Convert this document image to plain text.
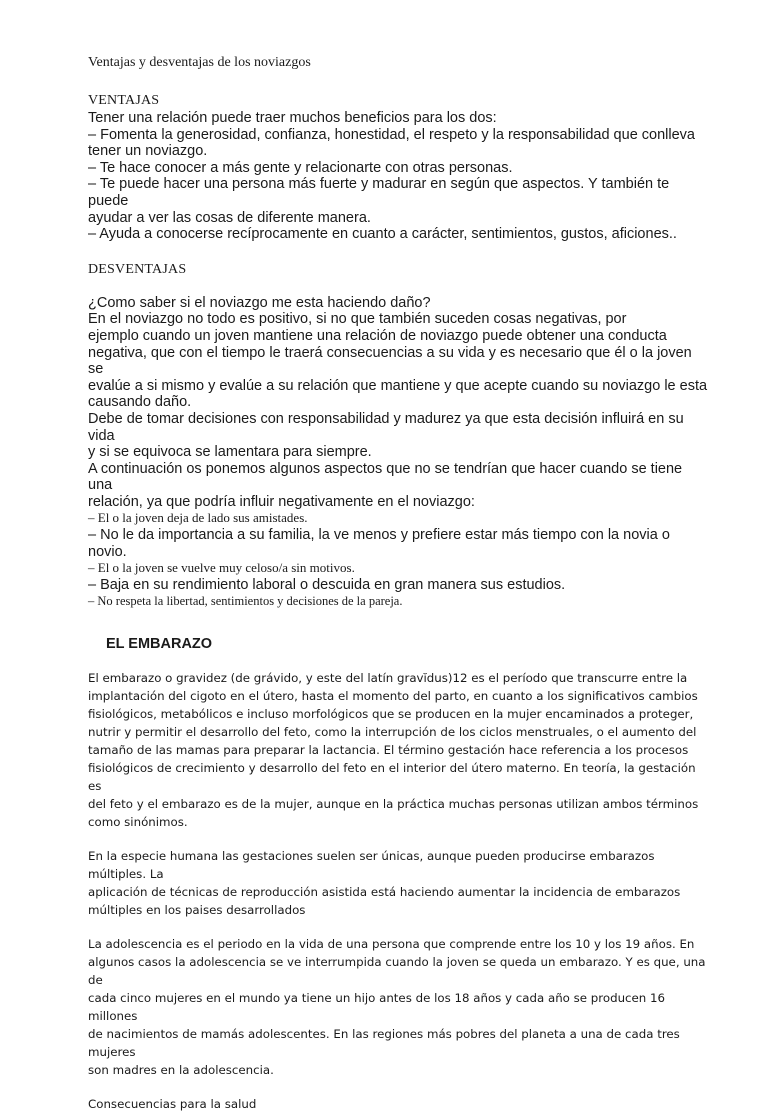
Ventajas y desventajas de los noviazgos

VENTAJAS

Tener una relación puede traer muchos beneficios para los dos:

– Fomenta la generosidad, confianza, honestidad, el respeto y la responsabilidad que conlleva

tener un noviazgo.

– Te hace conocer a más gente y relacionarte con otras personas.

– Te puede hacer una persona más fuerte y madurar en según que aspectos. Y también te puede

ayudar a ver las cosas de diferente manera.

– Ayuda a conocerse recíprocamente en cuanto a carácter, sentimientos, gustos, aficiones..

DESVENTAJAS

¿Como saber si el noviazgo me esta haciendo daño?

En el noviazgo no todo es positivo, si no que también suceden cosas negativas, por

ejemplo cuando un joven mantiene una relación de noviazgo puede obtener una conducta

negativa, que con el tiempo le traerá consecuencias a su vida y es necesario que él o la joven se

evalúe a si mismo y evalúe a su relación que mantiene y que acepte cuando su noviazgo le esta

causando daño.

Debe de tomar decisiones con responsabilidad y madurez ya que esta decisión influirá en su vida

y si se equivoca se lamentara para siempre.

A continuación os ponemos algunos aspectos que no se tendrían que hacer cuando se tiene una

relación, ya que podría influir negativamente en el noviazgo:

– El o la joven deja de lado sus amistades.

– No le da importancia a su familia, la ve menos y prefiere estar más tiempo con la novia o novio.

– El o la joven se vuelve muy celoso/a sin motivos.

– Baja en su rendimiento laboral o descuida en gran manera sus estudios.

– No respeta la libertad, sentimientos y decisiones de la pareja.

EL EMBARAZO

El embarazo o gravidez (de grávido, y este del latín gravĭdus)12 es el período que transcurre entre la

implantación del cigoto en el útero, hasta el momento del parto, en cuanto a los significativos cambios

fisiológicos, metabólicos e incluso morfológicos que se producen en la mujer encaminados a proteger,

nutrir y permitir el desarrollo del feto, como la interrupción de los ciclos menstruales, o el aumento del

tamaño de las mamas para preparar la lactancia. El término gestación hace referencia a los procesos

fisiológicos de crecimiento y desarrollo del feto en el interior del útero materno. En teoría, la gestación es

del feto y el embarazo es de la mujer, aunque en la práctica muchas personas utilizan ambos términos

como sinónimos.

En la especie humana las gestaciones suelen ser únicas, aunque pueden producirse embarazos múltiples. La

aplicación de técnicas de reproducción asistida está haciendo aumentar la incidencia de embarazos

múltiples en los paises desarrollados

La adolescencia es el periodo en la vida de una persona que comprende entre los 10 y los 19 años. En

algunos casos la adolescencia se ve interrumpida cuando la joven se queda un embarazo. Y es que, una de

cada cinco mujeres en el mundo ya tiene un hijo antes de los 18 años y cada año se producen 16 millones

de nacimientos de mamás adolescentes. En las regiones más pobres del planeta a una de cada tres mujeres

son madres en la adolescencia.

Consecuencias para la salud
